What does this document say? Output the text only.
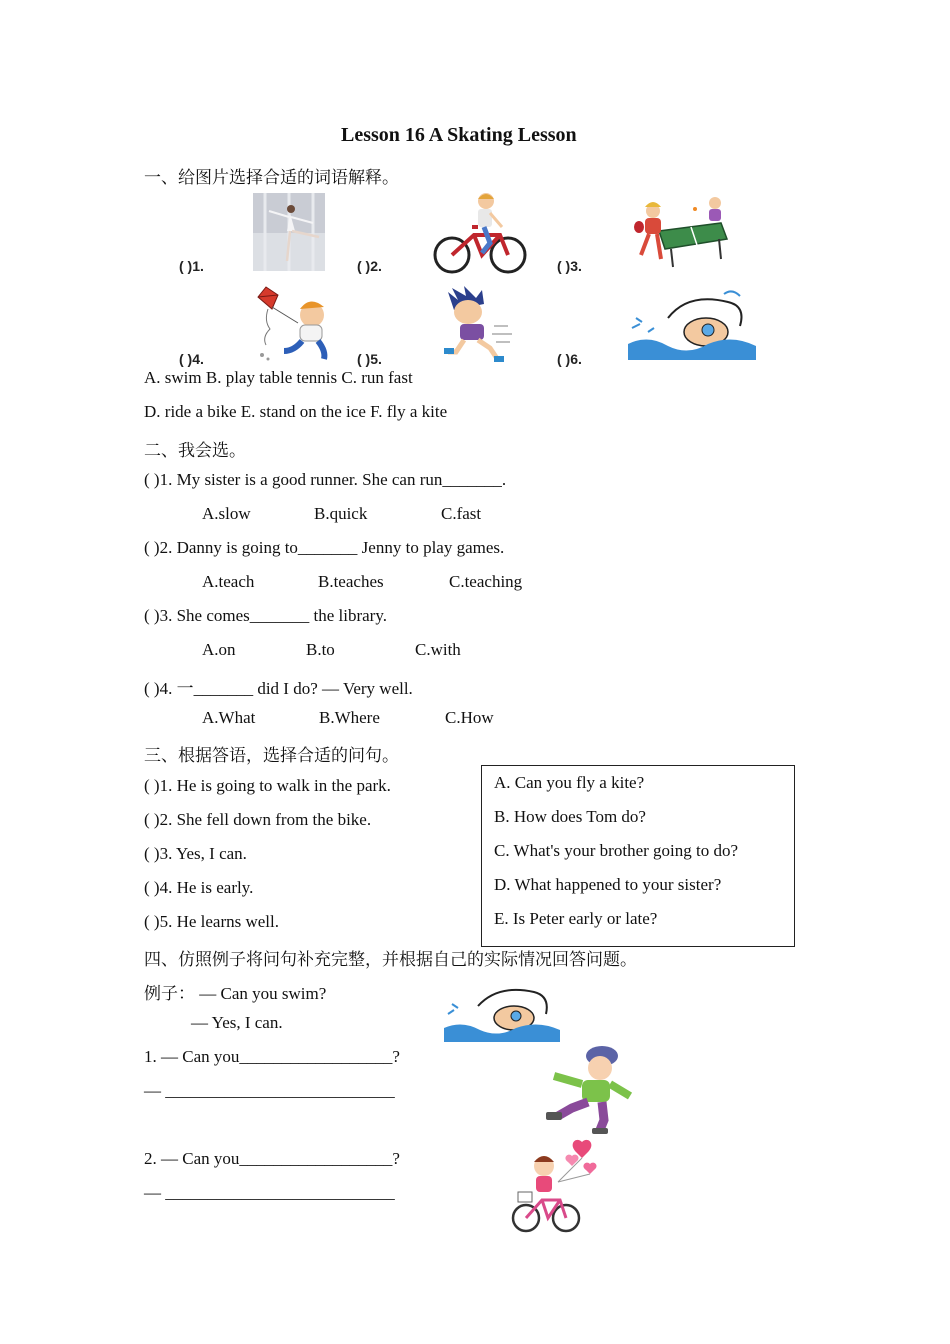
Lesson 16 A Skating Lesson
一、给图片选择合适的词语解释。
( )1.	( )2.	( )3.
( )4.	( )5.	( )6.
A. swim B. play table tennis C. run fast
D. ride a bike E. stand on the ice F. fly a kite
二、我会选。
( )1. My sister is a good runner. She can run_______.
A.slow	B.quick	C.fast
( )2. Danny is going to_______ Jenny to play games.
A.teach	B.teaches	C.teaching
( )3. She comes_______ the library.
A.on	B.to	C.with
( )4. 一_______ did I do? — Very well.
A.What	B.Where	C.How
三、根据答语，选择合适的问句。
( )1. He is going to walk in the park.
( )2. She fell down from the bike.
( )3. Yes, I can.
( )4. He is early.
( )5. He learns well.
A. Can you fly a kite?
B. How does Tom do?
C. What's your brother going to do?
D. What happened to your sister?
E. Is Peter early or late?
四、仿照例子将问句补充完整，并根据自己的实际情况回答问题。
例子： — Can you swim?
— Yes, I can.
1. — Can you__________________?
— ___________________________
2. — Can you__________________?
— ___________________________
